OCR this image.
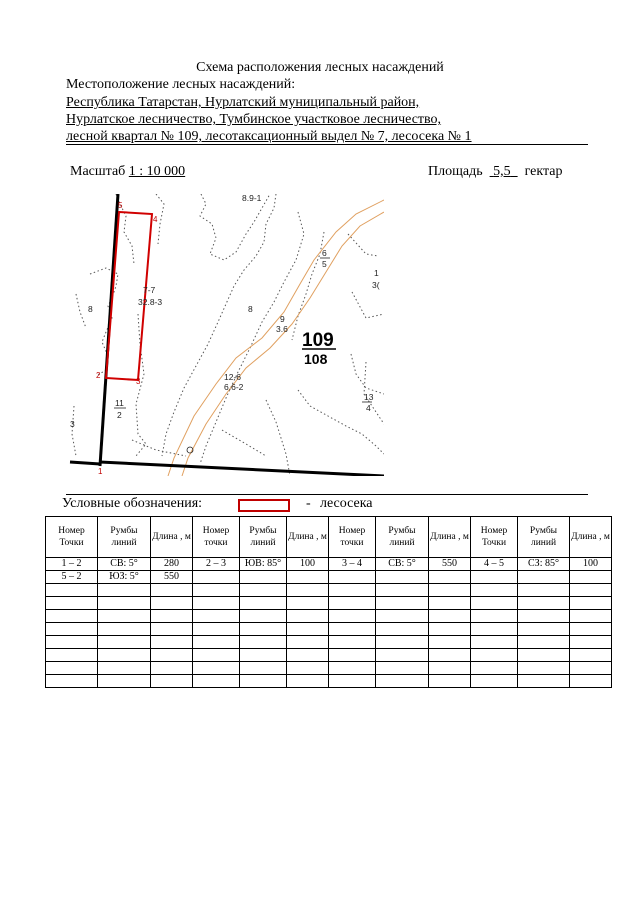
Схема расположения лесных насаждений
Местоположение лесных насаждений:
Республика Татарстан, Нурлатский муниципальный район,
Нурлатское лесничество, Тумбинское участковое лесничество,
лесной квартал № 109, лесотаксационный выдел № 7, лесосека № 1
Масштаб 1 : 10 000	Площадь 5,5 гектар
5
4
3
2
1
8.9-1
7-7
32.8-3
8	8
9
3.6
12-6
6.6-2
6
5
1
3(
11
2
13
4
3
109
108
Условные обозначения:	- лесосека
Номер Точки	Румбы линий	Длина , м	Номер точки	Румбы линий	Длина , м	Номер точки	Румбы линий	Длина , м	Номер Точки	Румбы линий	Длина , м
1 – 2	СВ: 5°	280	2 – 3	ЮВ: 85°	100	3 – 4	СВ: 5°	550	4 – 5	СЗ: 85°	100
5 – 2	ЮЗ: 5°	550									
